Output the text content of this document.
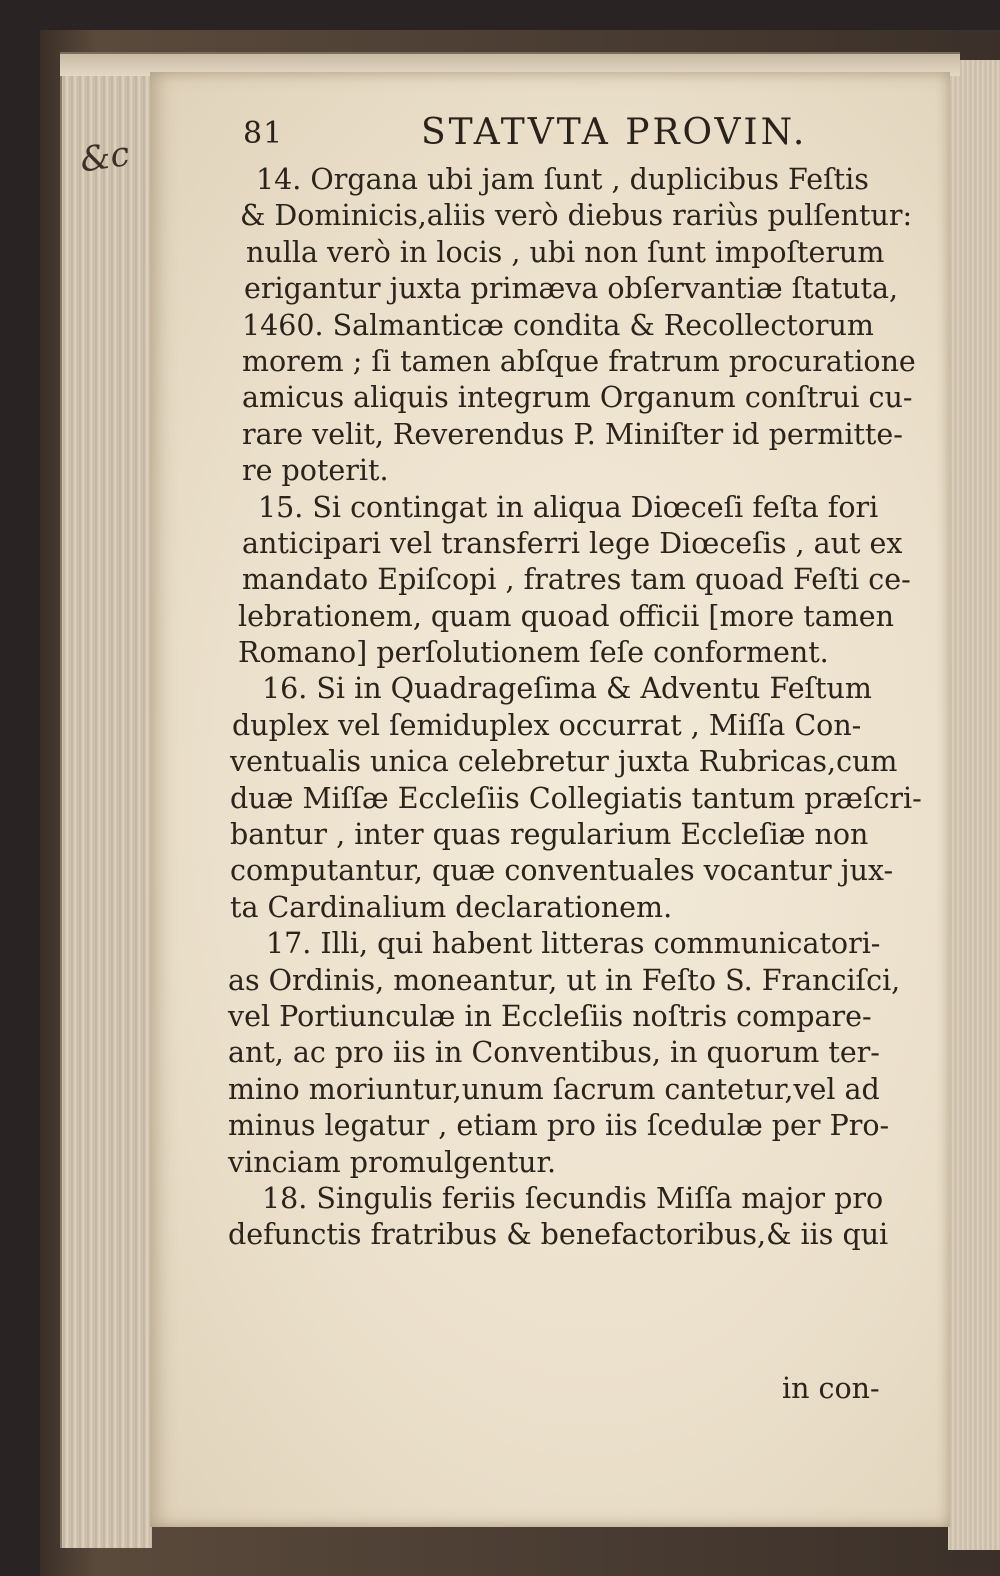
&c
81	STATVTA PROVIN.
14. Organa ubi jam ſunt , duplicibus Feſtis
& Dominicis,aliis verò diebus rariùs pulſentur:
nulla verò in locis , ubi non ſunt impoſterum
erigantur juxta primæva obſervantiæ ſtatuta,
1460. Salmanticæ condita & Recollectorum
morem ; ſi tamen abſque fratrum procuratione
amicus aliquis integrum Organum conſtrui cu-
rare velit, Reverendus P. Miniſter id permitte-
re poterit.
15. Si contingat in aliqua Diœceſi feſta fori
anticipari vel transferri lege Diœceſis , aut ex
mandato Epiſcopi , fratres tam quoad Feſti ce-
lebrationem, quam quoad officii [more tamen
Romano] perſolutionem ſeſe conforment.
16. Si in Quadrageſima & Adventu Feſtum
duplex vel ſemiduplex occurrat , Miſſa Con-
ventualis unica celebretur juxta Rubricas,cum
duæ Miſſæ Eccleſiis Collegiatis tantum præſcri-
bantur , inter quas regularium Eccleſiæ non
computantur, quæ conventuales vocantur jux-
ta Cardinalium declarationem.
17. Illi, qui habent litteras communicatori-
as Ordinis, moneantur, ut in Feſto S. Franciſci,
vel Portiunculæ in Eccleſiis noſtris compare-
ant, ac pro iis in Conventibus, in quorum ter-
mino moriuntur,unum ſacrum cantetur,vel ad
minus legatur , etiam pro iis ſcedulæ per Pro-
vinciam promulgentur.
18. Singulis feriis ſecundis Miſſa major pro
defunctis fratribus & benefactoribus,& iis qui
in con-
